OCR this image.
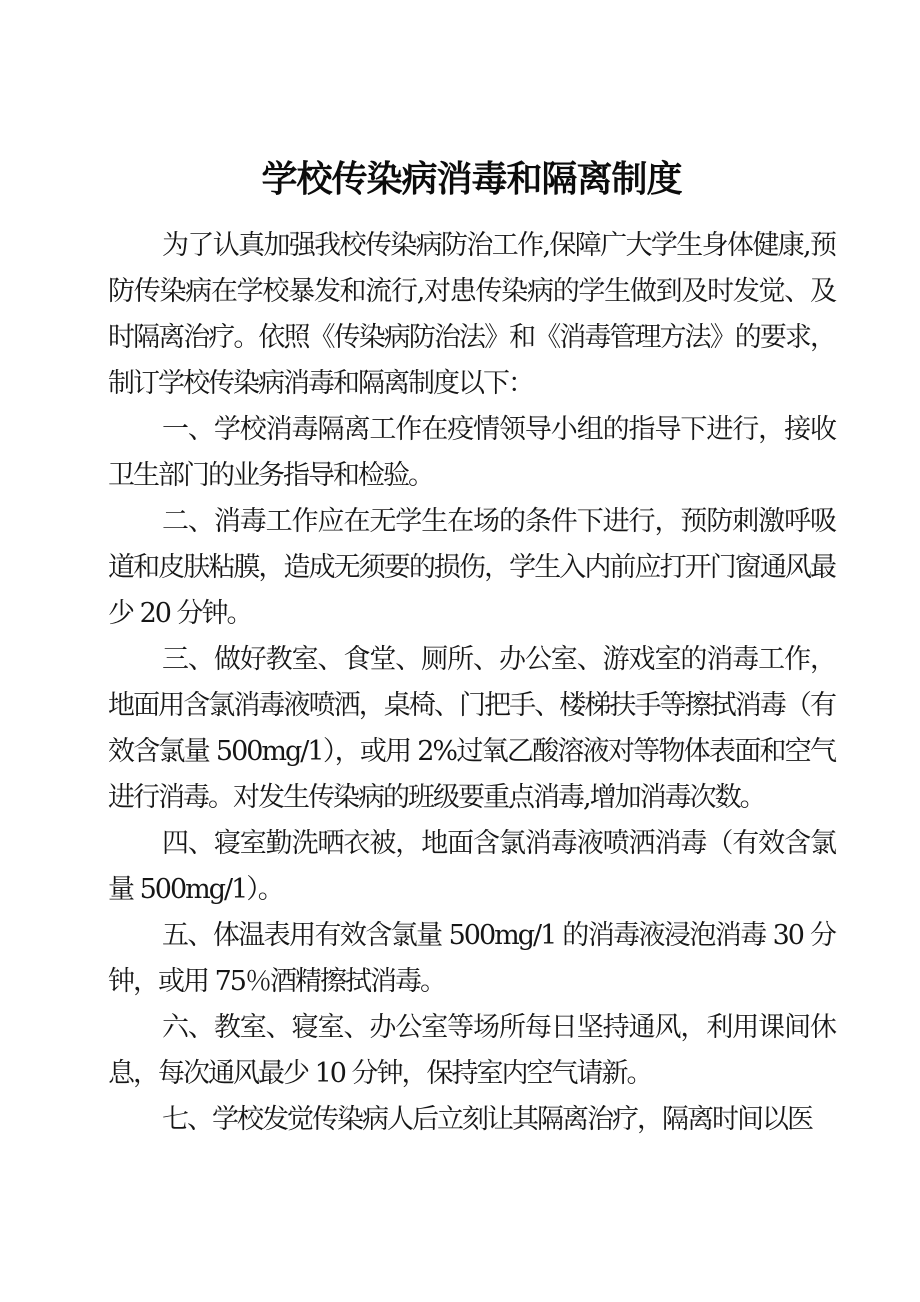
学校传染病消毒和隔离制度

为了认真加强我校传染病防治工作,保障广大学生身体健康,预防传染病在学校暴发和流行,对患传染病的学生做到及时发觉、及时隔离治疗。依照《传染病防治法》和《消毒管理方法》的要求，制订学校传染病消毒和隔离制度以下：

一、学校消毒隔离工作在疫情领导小组的指导下进行，接收卫生部门的业务指导和检验。

二、消毒工作应在无学生在场的条件下进行，预防刺激呼吸道和皮肤粘膜，造成无须要的损伤，学生入内前应打开门窗通风最少 20 分钟。

三、做好教室、食堂、厕所、办公室、游戏室的消毒工作，地面用含氯消毒液喷洒，桌椅、门把手、楼梯扶手等擦拭消毒（有效含氯量 500mg/1），或用 2%过氧乙酸溶液对等物体表面和空气进行消毒。对发生传染病的班级要重点消毒,增加消毒次数。

四、寝室勤洗晒衣被，地面含氯消毒液喷洒消毒（有效含氯量 500mg/1）。

五、体温表用有效含氯量 500mg/1 的消毒液浸泡消毒 30 分钟，或用 75％酒精擦拭消毒。

六、教室、寝室、办公室等场所每日坚持通风，利用课间休息，每次通风最少 10 分钟，保持室内空气请新。

七、学校发觉传染病人后立刻让其隔离治疗，隔离时间以医
